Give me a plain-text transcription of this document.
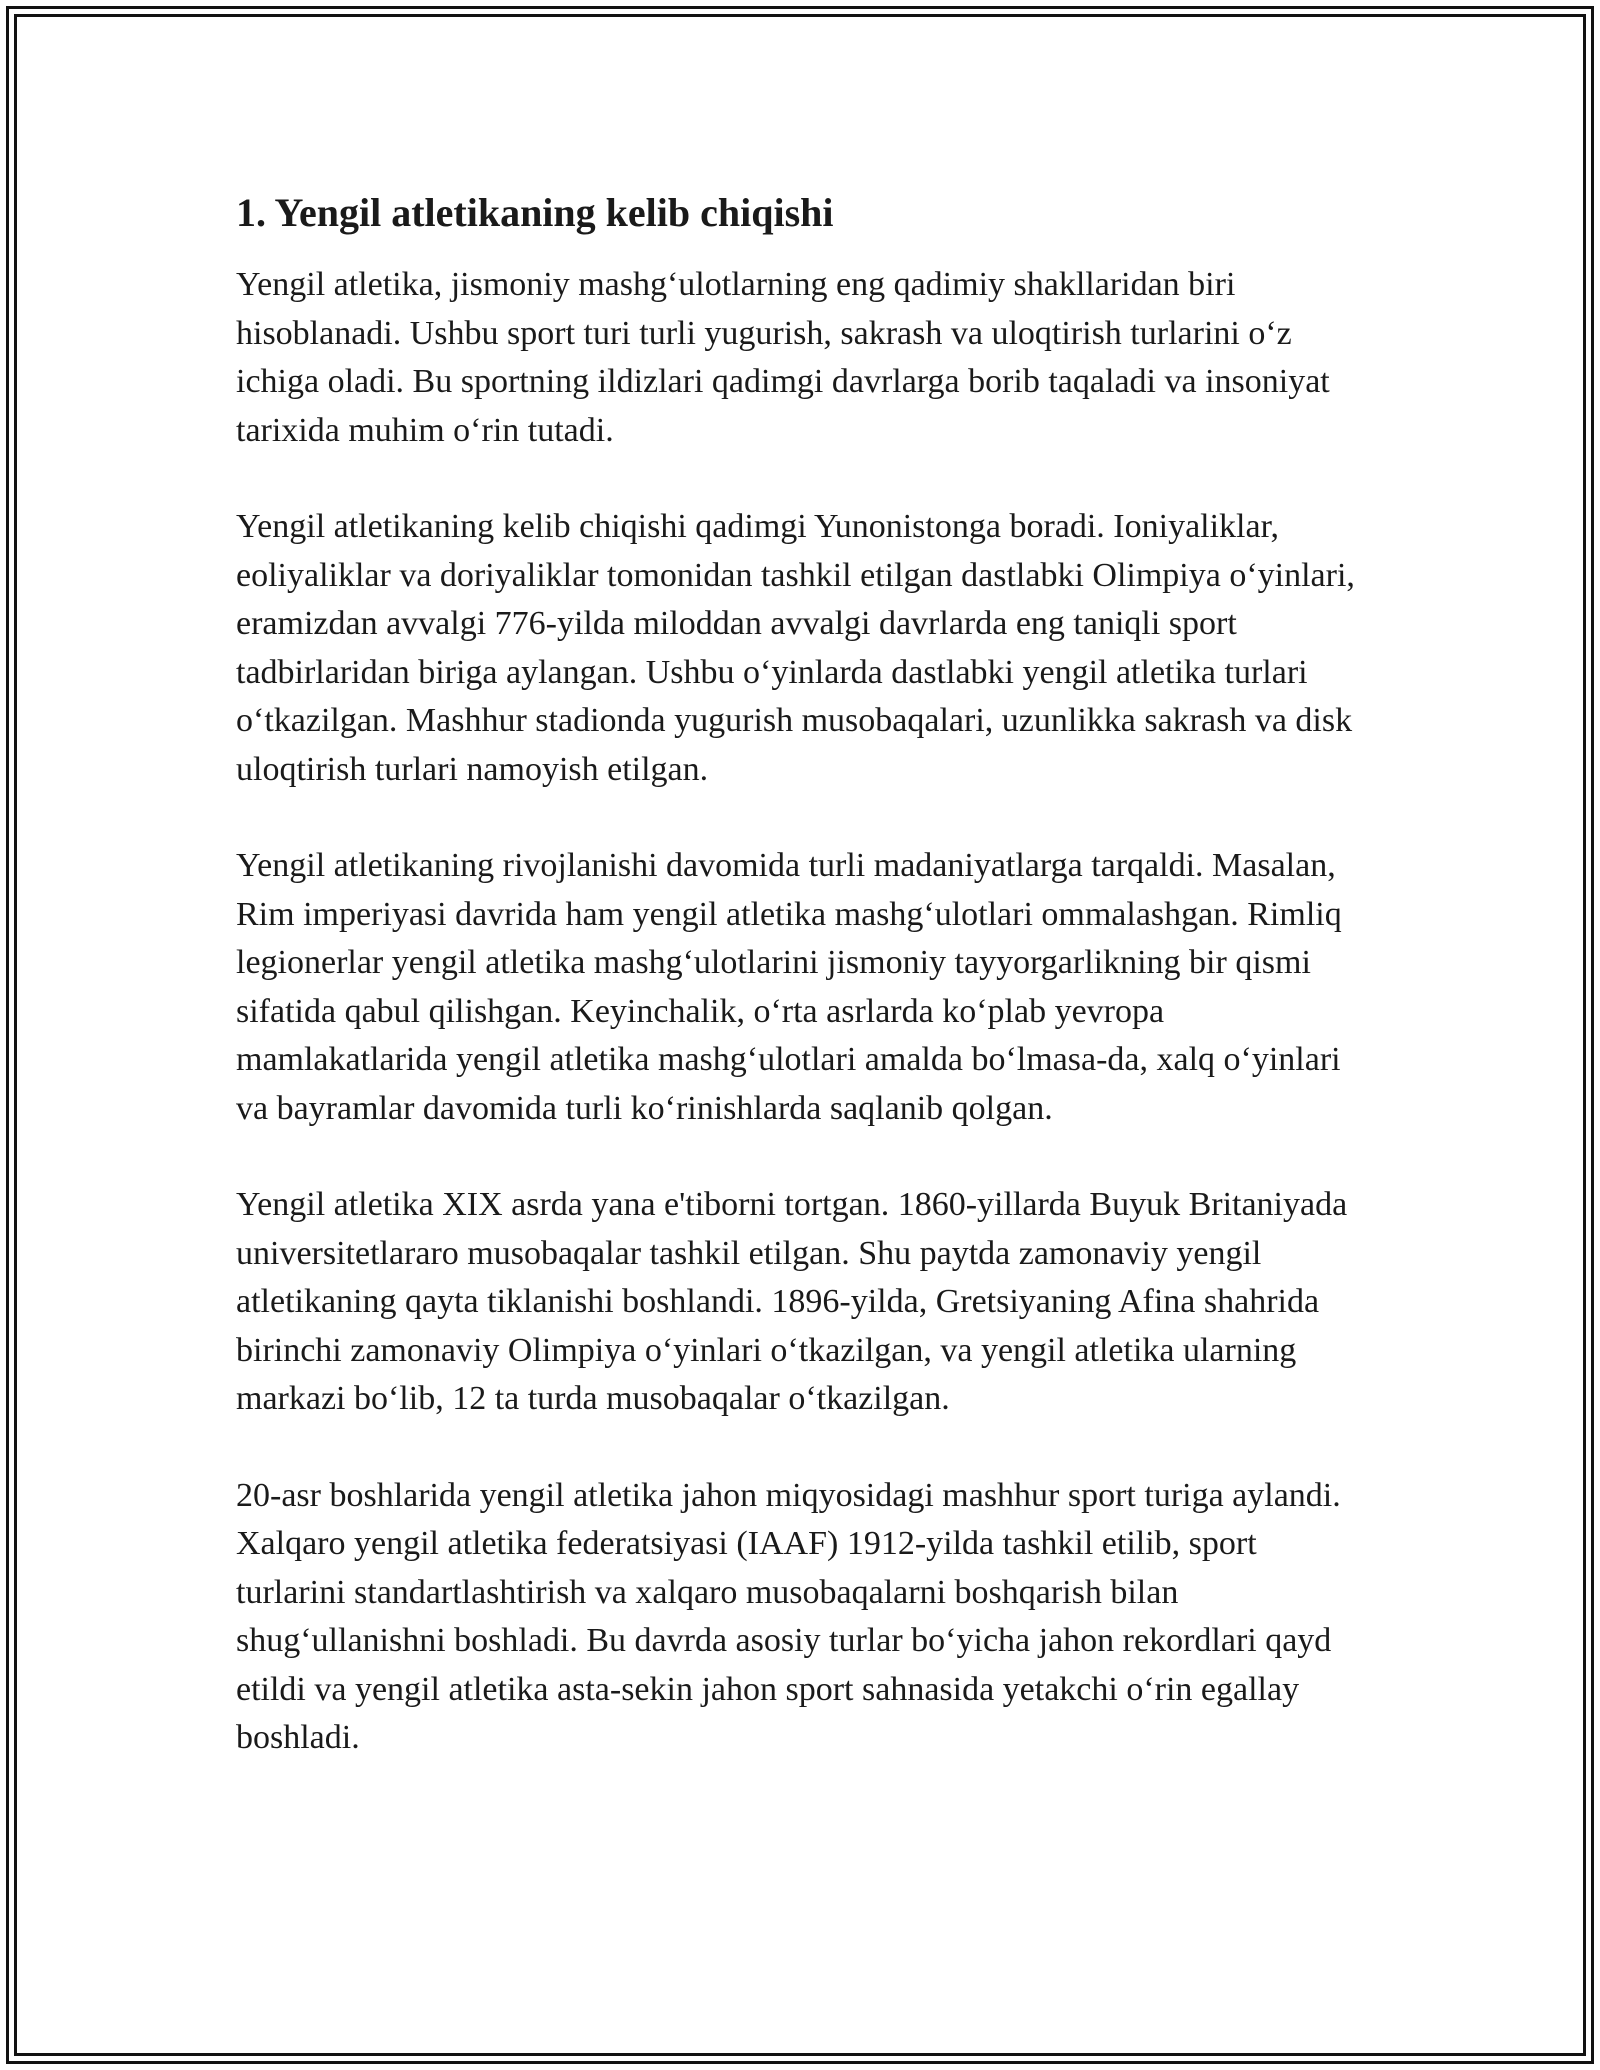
1. Yengil atletikaning kelib chiqishi

Yengil atletika, jismoniy mashg‘ulotlarning eng qadimiy shakllaridan biri hisoblanadi. Ushbu sport turi turli yugurish, sakrash va uloqtirish turlarini o‘z ichiga oladi. Bu sportning ildizlari qadimgi davrlarga borib taqaladi va insoniyat tarixida muhim o‘rin tutadi.

Yengil atletikaning kelib chiqishi qadimgi Yunonistonga boradi. Ioniyaliklar, eoliyaliklar va doriyaliklar tomonidan tashkil etilgan dastlabki Olimpiya o‘yinlari, eramizdan avvalgi 776-yilda miloddan avvalgi davrlarda eng taniqli sport tadbirlaridan biriga aylangan. Ushbu o‘yinlarda dastlabki yengil atletika turlari o‘tkazilgan. Mashhur stadionda yugurish musobaqalari, uzunlikka sakrash va disk uloqtirish turlari namoyish etilgan.

Yengil atletikaning rivojlanishi davomida turli madaniyatlarga tarqaldi. Masalan, Rim imperiyasi davrida ham yengil atletika mashg‘ulotlari ommalashgan. Rimliq legionerlar yengil atletika mashg‘ulotlarini jismoniy tayyorgarlikning bir qismi sifatida qabul qilishgan. Keyinchalik, o‘rta asrlarda ko‘plab yevropa mamlakatlarida yengil atletika mashg‘ulotlari amalda bo‘lmasa-da, xalq o‘yinlari va bayramlar davomida turli ko‘rinishlarda saqlanib qolgan.

Yengil atletika XIX asrda yana e'tiborni tortgan. 1860-yillarda Buyuk Britaniyada universitetlararo musobaqalar tashkil etilgan. Shu paytda zamonaviy yengil atletikaning qayta tiklanishi boshlandi. 1896-yilda, Gretsiyaning Afina shahrida birinchi zamonaviy Olimpiya o‘yinlari o‘tkazilgan, va yengil atletika ularning markazi bo‘lib, 12 ta turda musobaqalar o‘tkazilgan.

20-asr boshlarida yengil atletika jahon miqyosidagi mashhur sport turiga aylandi. Xalqaro yengil atletika federatsiyasi (IAAF) 1912-yilda tashkil etilib, sport turlarini standartlashtirish va xalqaro musobaqalarni boshqarish bilan shug‘ullanishni boshladi. Bu davrda asosiy turlar bo‘yicha jahon rekordlari qayd etildi va yengil atletika asta-sekin jahon sport sahnasida yetakchi o‘rin egallay boshladi.
